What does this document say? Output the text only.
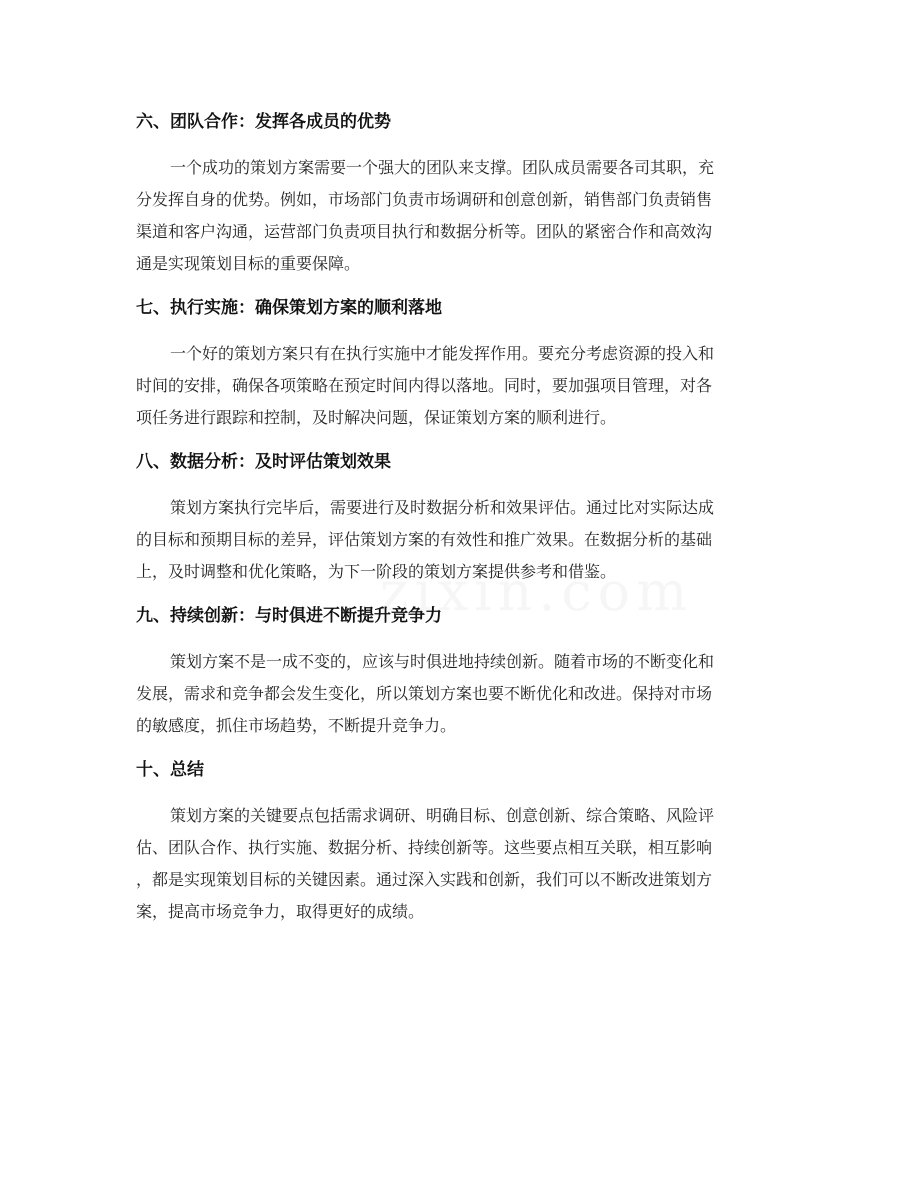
六、团队合作：发挥各成员的优势
一个成功的策划方案需要一个强大的团队来支撑。团队成员需要各司其职，充
分发挥自身的优势。例如，市场部门负责市场调研和创意创新，销售部门负责销售
渠道和客户沟通，运营部门负责项目执行和数据分析等。团队的紧密合作和高效沟
通是实现策划目标的重要保障。
七、执行实施：确保策划方案的顺利落地
一个好的策划方案只有在执行实施中才能发挥作用。要充分考虑资源的投入和
时间的安排，确保各项策略在预定时间内得以落地。同时，要加强项目管理，对各
项任务进行跟踪和控制，及时解决问题，保证策划方案的顺利进行。
八、数据分析：及时评估策划效果
策划方案执行完毕后，需要进行及时数据分析和效果评估。通过比对实际达成
的目标和预期目标的差异，评估策划方案的有效性和推广效果。在数据分析的基础
上，及时调整和优化策略，为下一阶段的策划方案提供参考和借鉴。
九、持续创新：与时俱进不断提升竞争力
策划方案不是一成不变的，应该与时俱进地持续创新。随着市场的不断变化和
发展，需求和竞争都会发生变化，所以策划方案也要不断优化和改进。保持对市场
的敏感度，抓住市场趋势，不断提升竞争力。
十、总结
策划方案的关键要点包括需求调研、明确目标、创意创新、综合策略、风险评
估、团队合作、执行实施、数据分析、持续创新等。这些要点相互关联，相互影响
，都是实现策划目标的关键因素。通过深入实践和创新，我们可以不断改进策划方
案，提高市场竞争力，取得更好的成绩。
